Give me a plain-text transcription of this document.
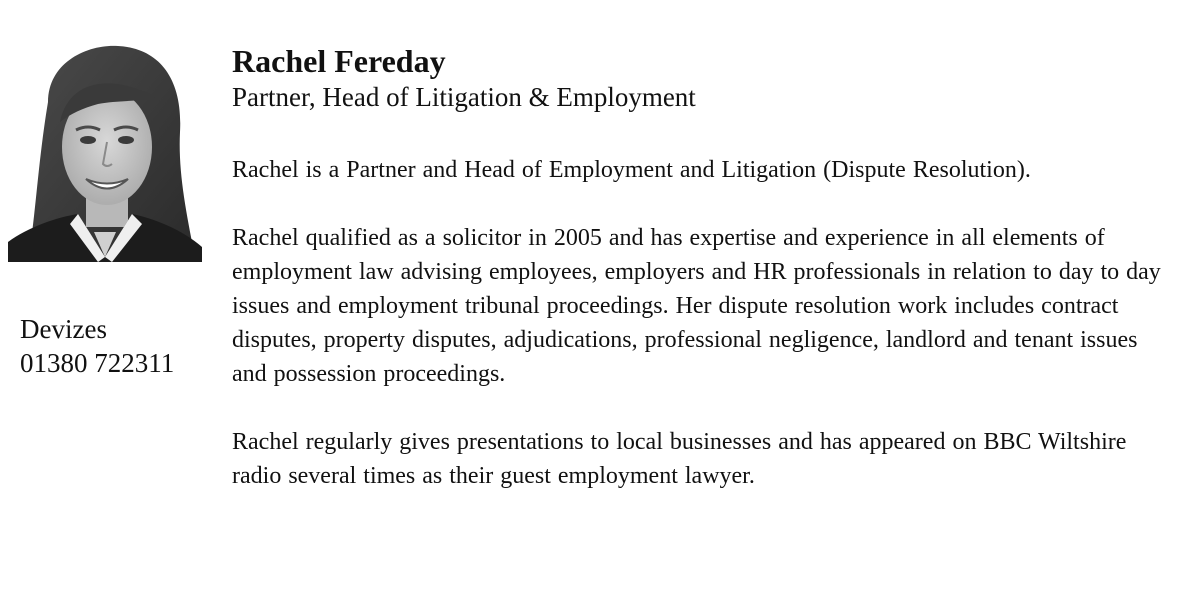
Devizes
01380 722311

Rachel Fereday

Partner, Head of Litigation & Employment

Rachel is a Partner and Head of Employment and Litigation (Dispute Resolution).

Rachel qualified as a solicitor in 2005 and has expertise and experience in all elements of employment law advising employees, employers and HR professionals in relation to day to day issues and employment tribunal proceedings. Her dispute resolution work includes contract disputes, property disputes, adjudications, professional negligence, landlord and tenant issues and possession proceedings.

Rachel regularly gives presentations to local businesses and has appeared on BBC Wiltshire radio several times as their guest employment lawyer.
